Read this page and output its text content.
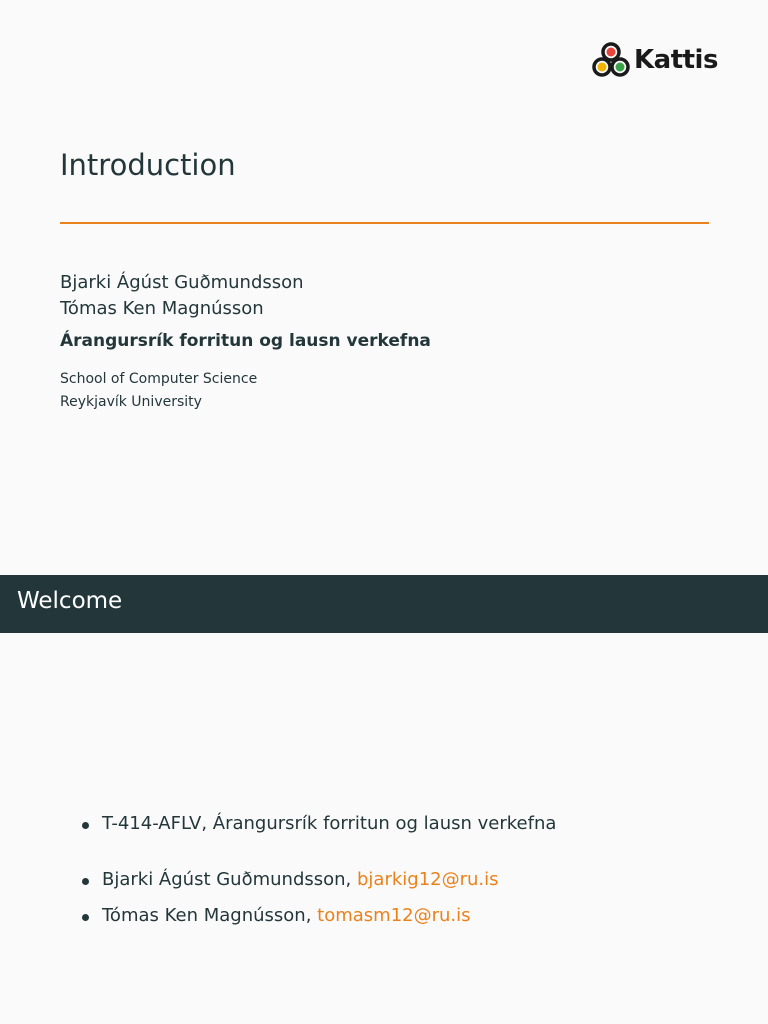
Kattis
Introduction
Bjarki Ágúst Guðmundsson
Tómas Ken Magnússon
Árangursrík forritun og lausn verkefna
School of Computer Science
Reykjavík University
Welcome
T-414-AFLV, Árangursrík forritun og lausn verkefna
Bjarki Ágúst Guðmundsson, bjarkig12@ru.is
Tómas Ken Magnússon, tomasm12@ru.is
